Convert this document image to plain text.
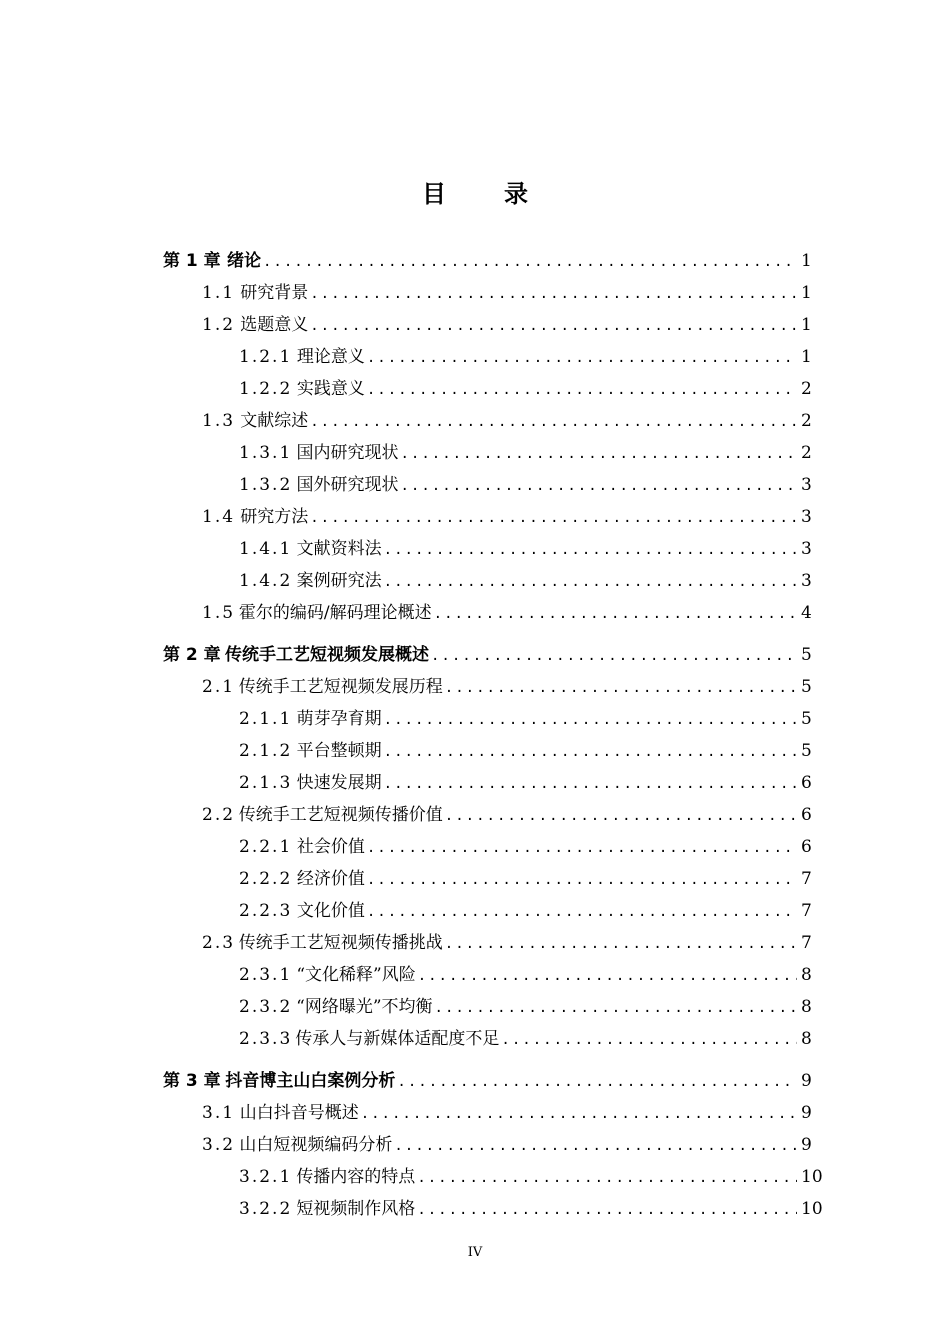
目 录
第 1 章 绪论 .....	1
1.1 研究背景 .....	1
1.2 选题意义 .....	1
1.2.1 理论意义 .....	1
1.2.2 实践意义 .....	2
1.3 文献综述 .....	2
1.3.1 国内研究现状 .....	2
1.3.2 国外研究现状 .....	3
1.4 研究方法 .....	3
1.4.1 文献资料法 .....	3
1.4.2 案例研究法 .....	3
1.5 霍尔的编码/解码理论概述 .....	4
第 2 章 传统手工艺短视频发展概述 .....	5
2.1 传统手工艺短视频发展历程 .....	5
2.1.1 萌芽孕育期 .....	5
2.1.2 平台整顿期 .....	5
2.1.3 快速发展期 .....	6
2.2 传统手工艺短视频传播价值 .....	6
2.2.1 社会价值 .....	6
2.2.2 经济价值 .....	7
2.2.3 文化价值 .....	7
2.3 传统手工艺短视频传播挑战 .....	7
2.3.1 “文化稀释”风险 .....	8
2.3.2 “网络曝光”不均衡 .....	8
2.3.3 传承人与新媒体适配度不足 .....	8
第 3 章 抖音博主山白案例分析 .....	9
3.1 山白抖音号概述 .....	9
3.2 山白短视频编码分析 .....	9
3.2.1 传播内容的特点 .....	10
3.2.2 短视频制作风格 .....	10
IV
